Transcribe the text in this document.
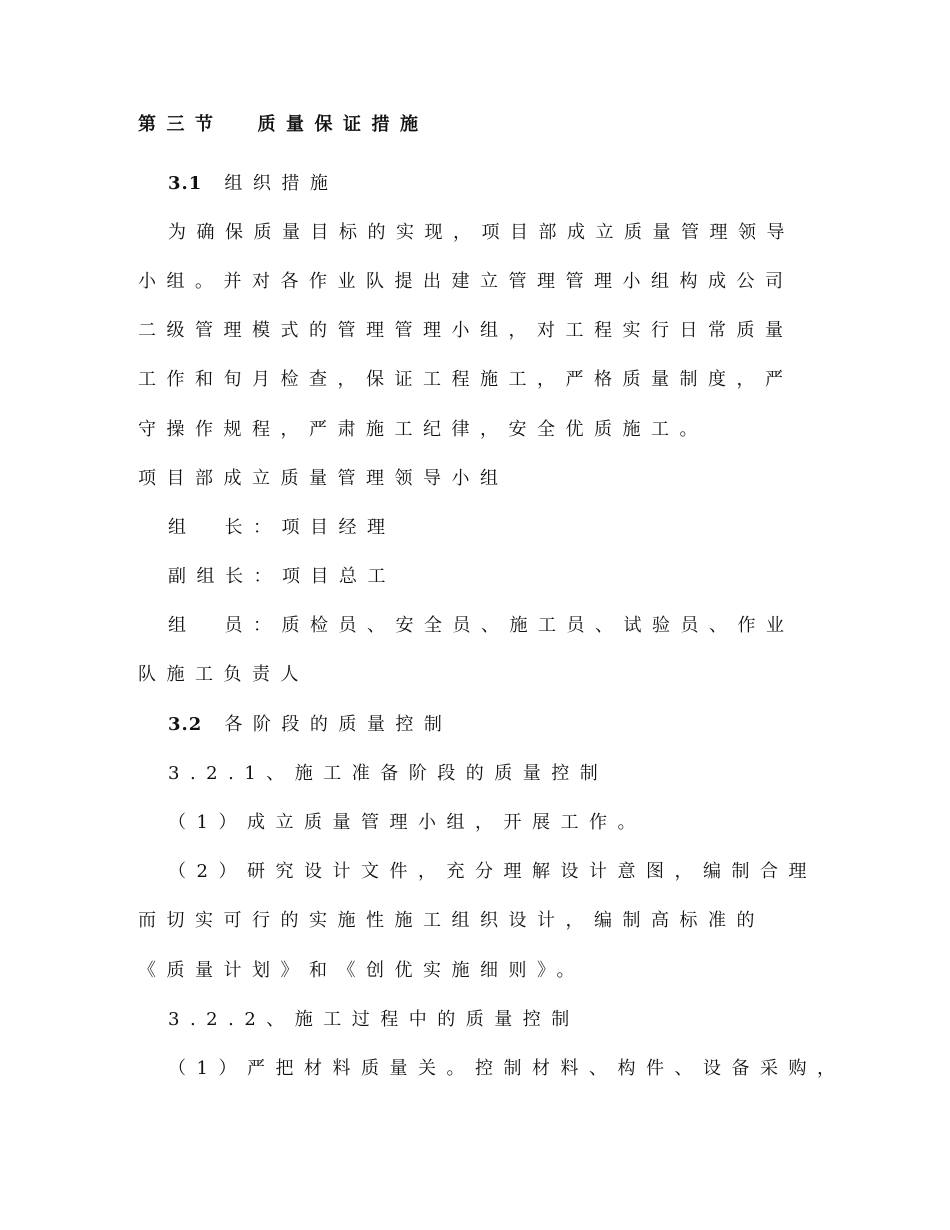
第三节 质量保证措施
3.1 组织措施
为确保质量目标的实现，项目部成立质量管理领导
小组。并对各作业队提出建立管理管理小组构成公司
二级管理模式的管理管理小组，对工程实行日常质量
工作和旬月检查，保证工程施工，严格质量制度，严
守操作规程，严肃施工纪律，安全优质施工。
项目部成立质量管理领导小组
组 长：项目经理
副组长：项目总工
组 员：质检员、安全员、施工员、试验员、作业
队施工负责人
3.2 各阶段的质量控制
3.2.1、施工准备阶段的质量控制
（1）成立质量管理小组，开展工作。
（2）研究设计文件，充分理解设计意图，编制合理
而切实可行的实施性施工组织设计，编制高标准的
《质量计划》和《创优实施细则》。
3.2.2、施工过程中的质量控制
（1）严把材料质量关。控制材料、构件、设备采购，
